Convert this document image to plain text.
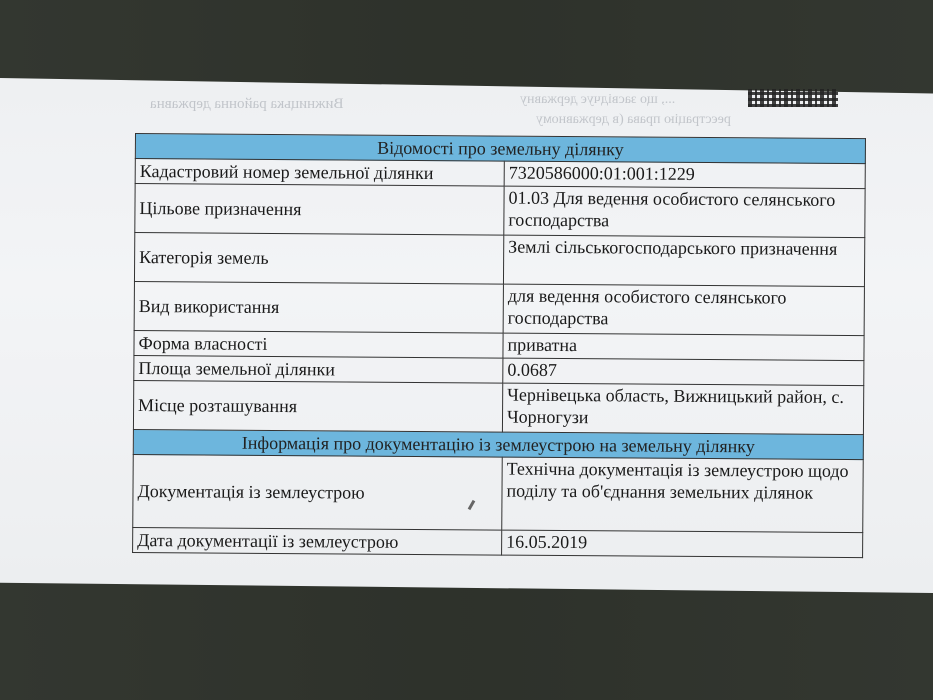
Вижницька районна державна	..., що засвідчує державну
реєстрацію права (в державному
Відомості про земельну ділянку	
Кадастровий номер земельної ділянки	7320586000:01:001:1229
Цільове призначення	01.03 Для ведення особистого селянського господарства
Категорія земель	Землі сільськогосподарського призначення
Вид використання	для ведення особистого селянського господарства
Форма власності	приватна
Площа земельної ділянки	0.0687
Місце розташування	Чернівецька область, Вижницький район, с. Чорногузи
Інформація про документацію із землеустрою на земельну ділянку	
Документація із землеустрою	Технічна документація із землеустрою щодо поділу та об'єднання земельних ділянок
Дата документації із землеустрою	16.05.2019
